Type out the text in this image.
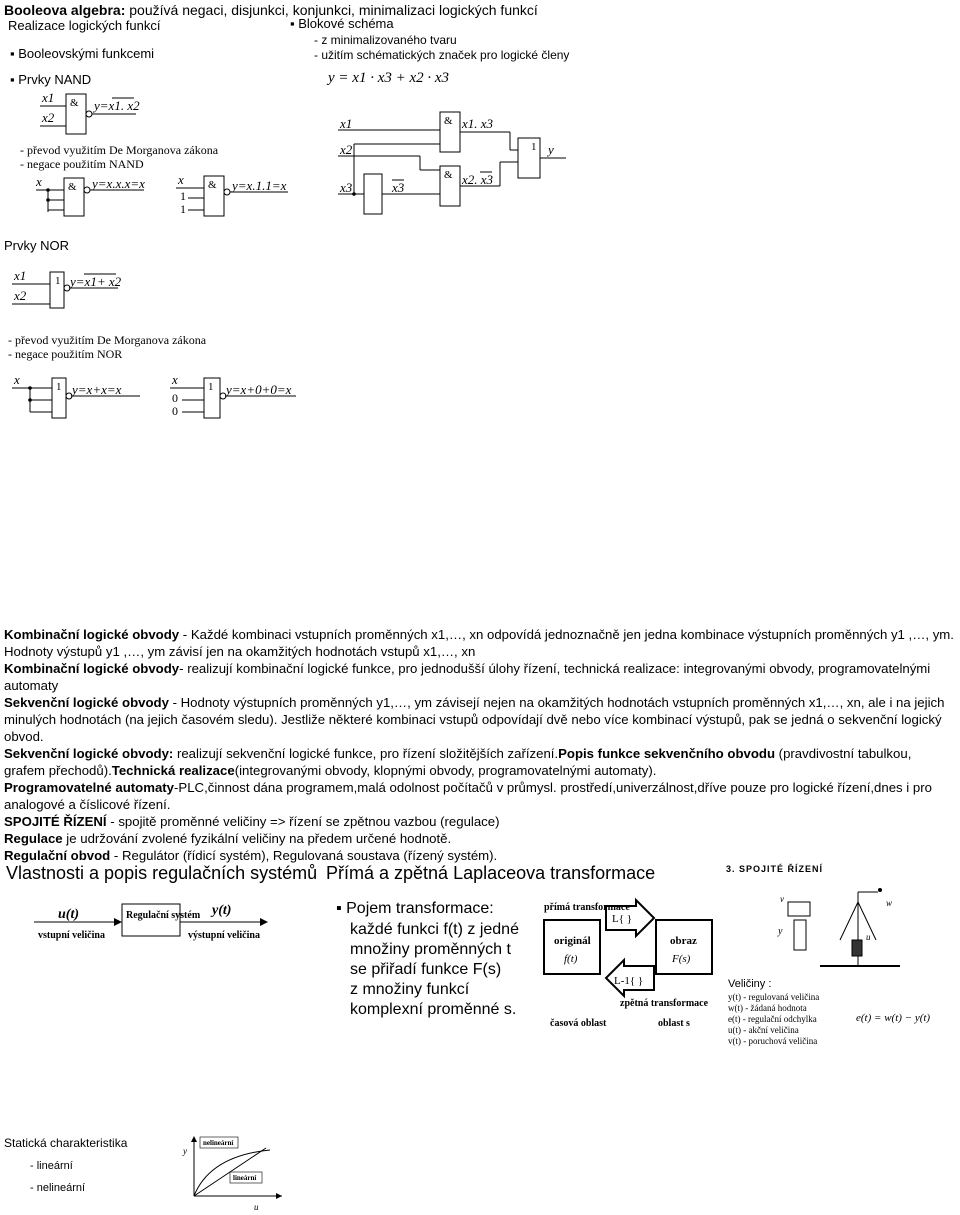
Booleova algebra: používá negaci, disjunkci, konjunkci, minimalizaci logických funkcí
Realizace logických funkcí
▪ Booleovskými funkcemi
▪ Prvky NAND
▪ Blokové schéma
- z minimalizovaného tvaru
- užitím schématických značek pro logické členy
y = x1 · x3 + x2 · x3
x1
x2
& y=x1. x2
- převod využitím De Morganova zákona
- negace použitím NAND
x & y=x.x.x=x	x
1
1
& y=x.1.1=x
x1
x2
x3	x3
&
&
x1. x3
x2. x3
1 y
Prvky NOR
x1
x2
1 y=x1+ x2
- převod využitím De Morganova zákona
- negace použitím NOR
x	1 y=x+x=x
x
0
0
1 y=x+0+0=x
Kombinační logické obvody - Každé kombinaci vstupních proměnných x1,…, xn odpovídá jednoznačně jen jedna kombinace výstupních proměnných y1 ,…, ym. Hodnoty výstupů y1 ,…, ym závisí jen na okamžitých hodnotách vstupů x1,…, xn
Kombinační logické obvody- realizují kombinační logické funkce, pro jednodušší úlohy řízení, technická realizace: integrovanými obvody, programovatelnými automaty
Sekvenční logické obvody - Hodnoty výstupních proměnných y1,…, ym závisejí nejen na okamžitých hodnotách vstupních proměnných x1,…, xn, ale i na jejich minulých hodnotách (na jejich časovém sledu). Jestliže některé kombinaci vstupů odpovídají dvě nebo více kombinací výstupů, pak se jedná o sekvenční logický obvod.
Sekvenční logické obvody: realizují sekvenční logické funkce, pro řízení složitějších zařízení.Popis funkce sekvenčního obvodu (pravdivostní tabulkou, grafem přechodů).Technická realizace(integrovanými obvody, klopnými obvody, programovatelnými automaty).
Programovatelné automaty-PLC,činnost dána programem,malá odolnost počítačů v průmysl. prostředí,univerzálnost,dříve pouze pro logické řízení,dnes i pro analogové a číslicové řízení.
SPOJITÉ ŘÍZENÍ - spojitě proměnné veličiny => řízení se zpětnou vazbou (regulace)
Regulace je udržování zvolené fyzikální veličiny na předem určené hodnotě.
Regulační obvod - Regulátor (řídicí systém), Regulovaná soustava (řízený systém).
Vlastnosti a popis regulačních systémů Přímá a zpětná Laplaceova transformace
u(t)	Regulační systém y(t)
vstupní veličina	výstupní veličina
▪ Pojem transformace:
každé funkci f(t) z jedné
množiny proměnných t
se přiřadí funkce F(s)
z množiny funkcí
komplexní proměnné s.
přímá transformace
originál
f(t)
L{ }
L-1{ }
obraz
F(s)
zpětná transformace
časová oblast	oblast s
3. SPOJITÉ ŘÍZENÍ
v
y
w
u
Veličiny :
y(t) - regulovaná veličina
w(t) - žádaná hodnota
e(t) - regulační odchylka
u(t) - akční veličina
v(t) - poruchová veličina
e(t) = w(t) − y(t)
Statická charakteristika
- lineární
- nelineární
y
u
nelineární
lineární
